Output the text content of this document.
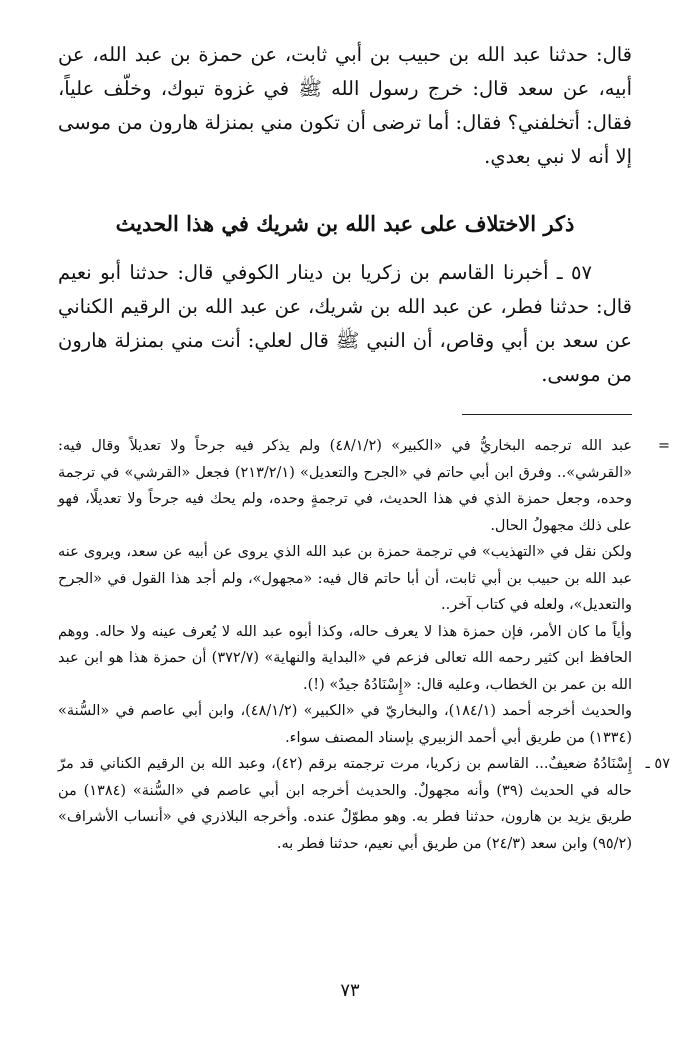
قال: حدثنا عبد الله بن حبيب بن أبي ثابت، عن حمزة بن عبد الله، عن أبيه، عن سعد قال: خرج رسول الله ﷺ في غزوة تبوك، وخلّف علياً، فقال: أتخلفني؟ فقال: أما ترضى أن تكون مني بمنزلة هارون من موسى إلا أنه لا نبي بعدي.

ذكر الاختلاف على عبد الله بن شريك في هذا الحديث

٥٧ ـ أخبرنا القاسم بن زكريا بن دينار الكوفي قال: حدثنا أبو نعيم قال: حدثنا فطر، عن عبد الله بن شريك، عن عبد الله بن الرقيم الكناني عن سعد بن أبي وقاص، أن النبي ﷺ قال لعلي: أنت مني بمنزلة هارون من موسى.

=
عبد الله ترجمه البخاريُّ في «الكبير» (٤٨/١/٢) ولم يذكر فيه جرحاً ولا تعديلاً وقال فيه: «القرشي».. وفرق ابن أبي حاتم في «الجرح والتعديل» (٢١٣/٢/١) فجعل «القرشي» في ترجمة وحده، وجعل حمزة الذي في هذا الحديث، في ترجمةٍ وحده، ولم يحك فيه جرحاً ولا تعديلًا، فهو على ذلك مجهولُ الحال.

ولكن نقل في «التهذيب» في ترجمة حمزة بن عبد الله الذي يروى عن أبيه عن سعد، ويروى عنه عبد الله بن حبيب بن أبي ثابت، أن أبا حاتم قال فيه: «مجهول»، ولم أجد هذا القول في «الجرح والتعديل»، ولعله في كتاب آخر..

وأياً ما كان الأمر، فإن حمزة هذا لا يعرف حاله، وكذا أبوه عبد الله لا يُعرف عينه ولا حاله. ووهم الحافظ ابن كثير رحمه الله تعالى فزعم في «البداية والنهاية» (٣٧٢/٧) أن حمزة هذا هو ابن عبد الله بن عمر بن الخطاب، وعليه قال: «إِسْنَادُهُ جيدٌ» (!).

والحديث أخرجه أحمد (١٨٤/١)، والبخاريّ في «الكبير» (٤٨/١/٢)، وابن أبي عاصم في «السُّنة» (١٣٣٤) من طريق أبي أحمد الزبيري بإسناد المصنف سواء.

٥٧ ـ
إِسْنَادُهُ ضعيفٌ... القاسم بن زكريا، مرت ترجمته برقم (٤٢)، وعبد الله بن الرقيم الكناني قد مرّ حاله في الحديث (٣٩) وأنه مجهولٌ. والحديث أخرجه ابن أبي عاصم في «السُّنة» (١٣٨٤) من طريق يزيد بن هارون، حدثنا فطر به. وهو مطوّلٌ عنده. وأخرجه البلاذري في «أنساب الأشراف» (٩٥/٢) وابن سعد (٢٤/٣) من طريق أبي نعيم، حدثنا فطر به.

٧٣
